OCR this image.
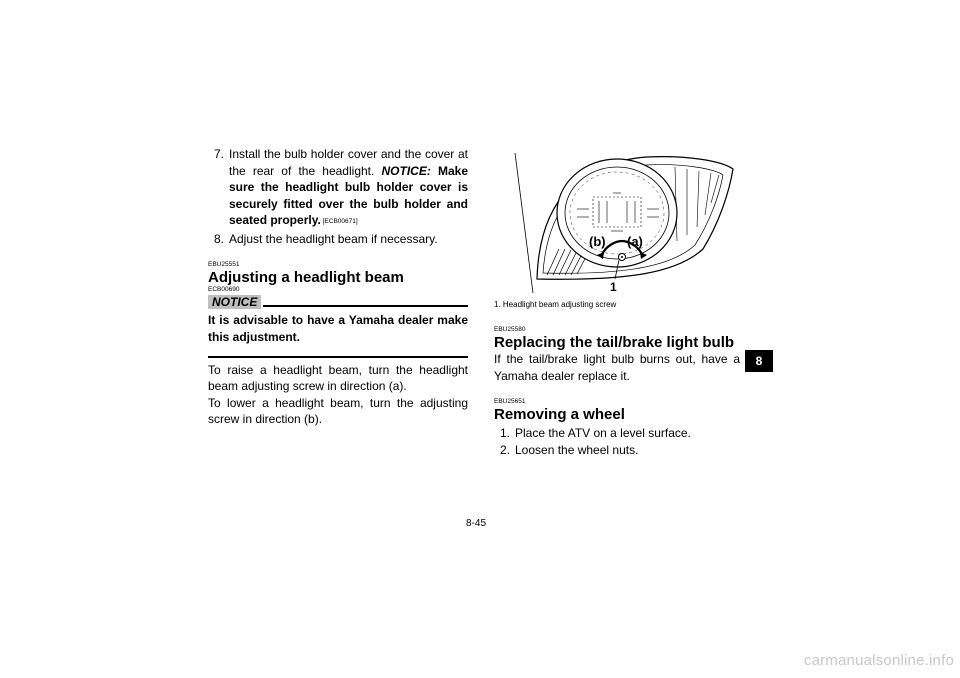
7. Install the bulb holder cover and the cover at the rear of the headlight. NOTICE: Make sure the headlight bulb holder cover is securely fitted over the bulb holder and seated properly. [ECB00671]
8. Adjust the headlight beam if necessary.
EBU25551
Adjusting a headlight beam
ECB00690
NOTICE
It is advisable to have a Yamaha dealer make this adjustment.
To raise a headlight beam, turn the headlight beam adjusting screw in direction (a).
To lower a headlight beam, turn the adjusting screw in direction (b).
(b) (a)
1
1. Headlight beam adjusting screw
EBU25580
Replacing the tail/brake light bulb
If the tail/brake light bulb burns out, have a Yamaha dealer replace it.
EBU25651
Removing a wheel
1. Place the ATV on a level surface.
2. Loosen the wheel nuts.
8
8-45
carmanualsonline.info
